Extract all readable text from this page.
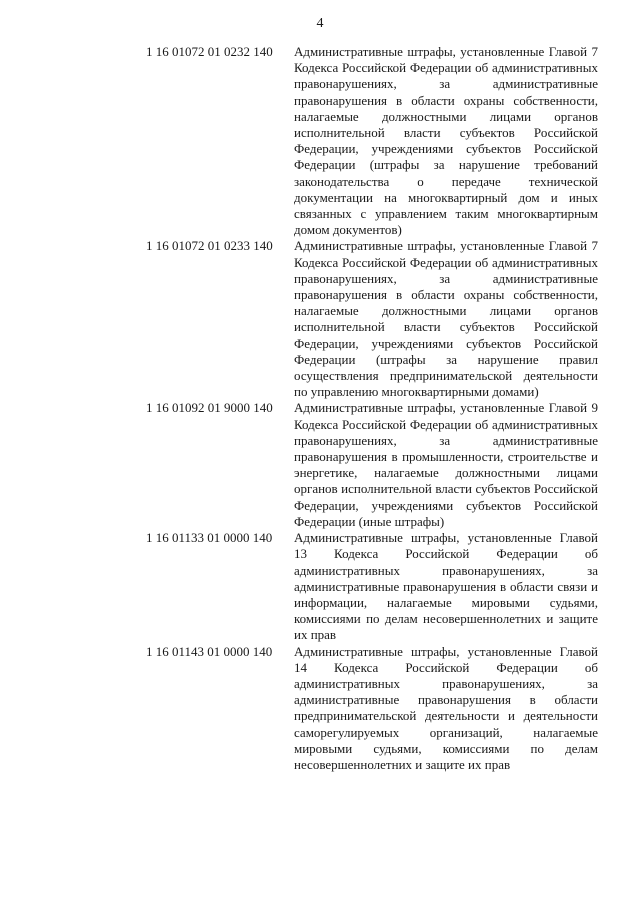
4
1 16 01072 01 0232 140	Административные штрафы, установленные Главой 7 Кодекса Российской Федерации об административных правонарушениях, за административные правонарушения в области охраны собственности, налагаемые должностными лицами органов исполнительной власти субъектов Российской Федерации, учреждениями субъектов Российской Федерации (штрафы за нарушение требований законодательства о передаче технической документации на многоквартирный дом и иных связанных с управлением таким многоквартирным домом документов)
1 16 01072 01 0233 140	Административные штрафы, установленные Главой 7 Кодекса Российской Федерации об административных правонарушениях, за административные правонарушения в области охраны собственности, налагаемые должностными лицами органов исполнительной власти субъектов Российской Федерации, учреждениями субъектов Российской Федерации (штрафы за нарушение правил осуществления предпринимательской деятельности по управлению многоквартирными домами)
1 16 01092 01 9000 140	Административные штрафы, установленные Главой 9 Кодекса Российской Федерации об административных правонарушениях, за административные правонарушения в промышленности, строительстве и энергетике, налагаемые должностными лицами органов исполнительной власти субъектов Российской Федерации, учреждениями субъектов Российской Федерации (иные штрафы)
1 16 01133 01 0000 140	Административные штрафы, установленные Главой 13 Кодекса Российской Федерации об административных правонарушениях, за административные правонарушения в области связи и информации, налагаемые мировыми судьями, комиссиями по делам несовершеннолетних и защите их прав
1 16 01143 01 0000 140	Административные штрафы, установленные Главой 14 Кодекса Российской Федерации об административных правонарушениях, за административные правонарушения в области предпринимательской деятельности и деятельности саморегулируемых организаций, налагаемые мировыми судьями, комиссиями по делам несовершеннолетних и защите их прав
